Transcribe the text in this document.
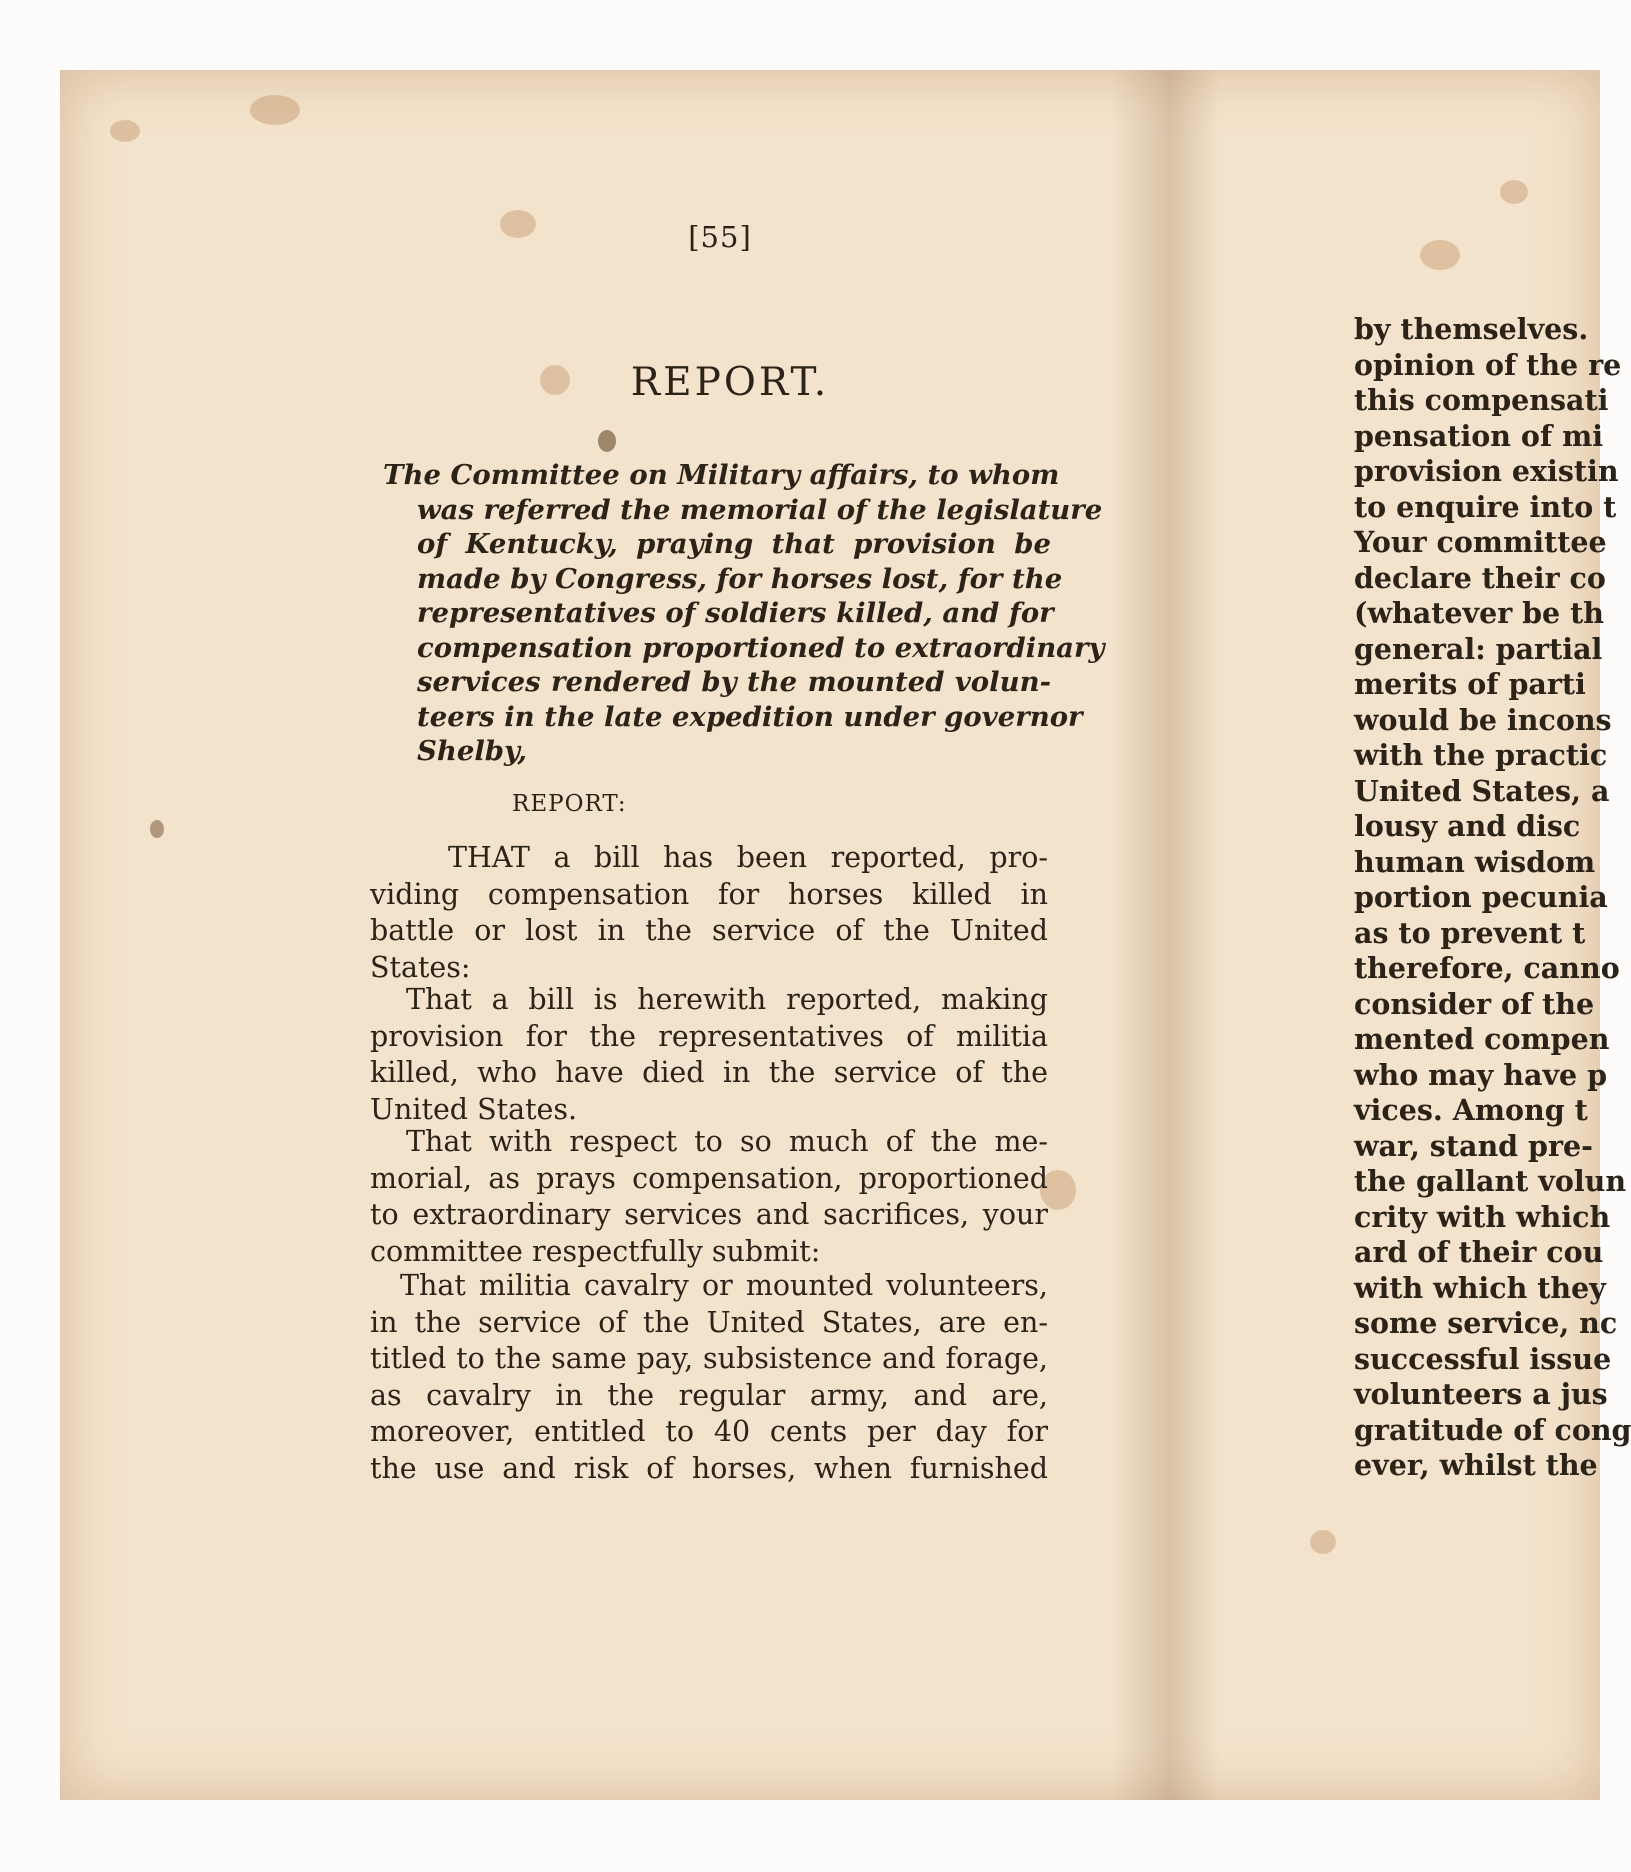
[55]
REPORT.
The Committee on Military affairs, to whom
was referred the memorial of the legislature
of Kentucky, praying that provision be
made by Congress, for horses lost, for the
representatives of soldiers killed, and for
compensation proportioned to extraordinary
services rendered by the mounted volun-
teers in the late expedition under governor
Shelby,
REPORT:
THAT a bill has been reported, pro-
viding compensation for horses killed in
battle or lost in the service of the United
States:
That a bill is herewith reported, making
provision for the representatives of militia
killed, who have died in the service of the
United States.
That with respect to so much of the me-
morial, as prays compensation, proportioned
to extraordinary services and sacrifices, your
committee respectfully submit:
That militia cavalry or mounted volunteers,
in the service of the United States, are en-
titled to the same pay, subsistence and forage,
as cavalry in the regular army, and are,
moreover, entitled to 40 cents per day for
the use and risk of horses, when furnished
by themselves.
opinion of the re
this compensati
pensation of mi
provision existin
to enquire into t
Your committee
declare their co
(whatever be th
general: partial
merits of parti
would be incons
with the practic
United States, a
lousy and disc
human wisdom
portion pecunia
as to prevent t
therefore, canno
consider of the
mented compen
who may have p
vices. Among t
war, stand pre-
the gallant volun
crity with which
ard of their cou
with which they
some service, nc
successful issue
volunteers a jus
gratitude of cong
ever, whilst the
